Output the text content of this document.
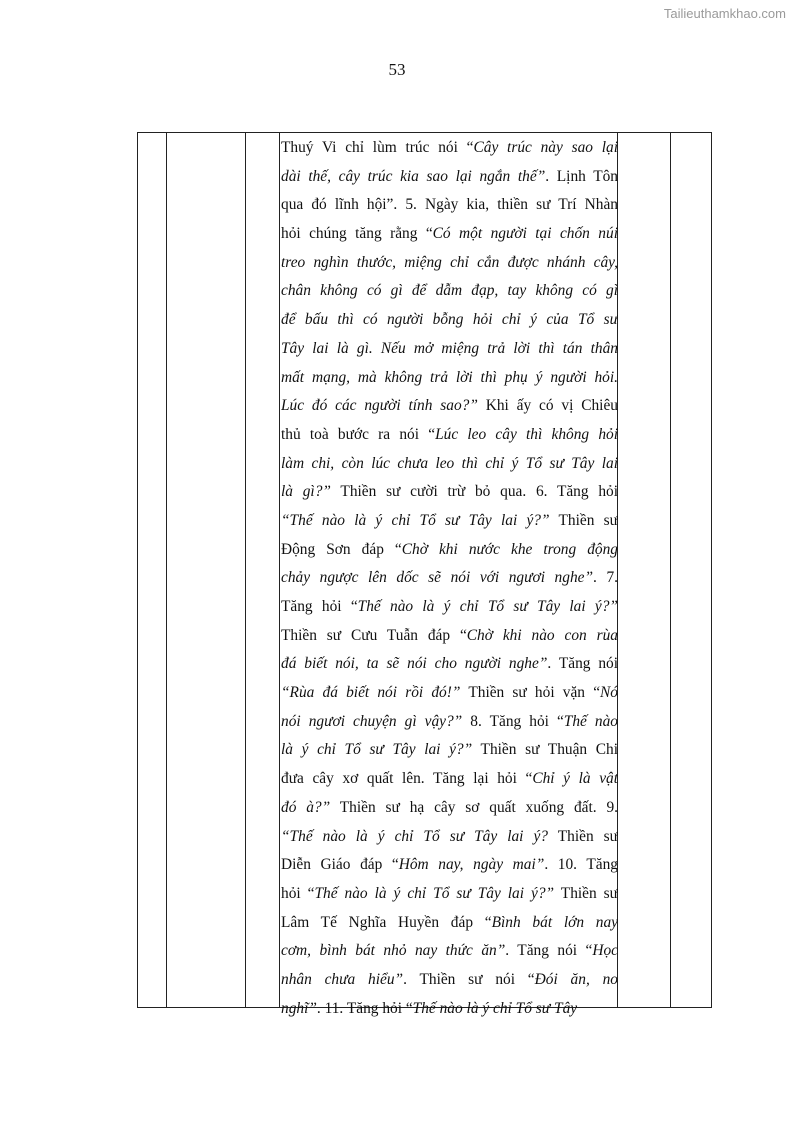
Tailieuthamkhao.com
53
Thuý Vi chỉ lùm trúc nói “Cây trúc này sao lại
dài thế, cây trúc kia sao lại ngắn thế”. Lịnh Tôn
qua đó lĩnh hội”. 5. Ngày kia, thiền sư Trí Nhàn
hỏi chúng tăng rằng “Có một người tại chốn núi
treo nghìn thước, miệng chỉ cắn được nhánh cây,
chân không có gì để dẫm đạp, tay không có gì
để bấu thì có người bỗng hỏi chỉ ý của Tổ sư
Tây lai là gì. Nếu mở miệng trả lời thì tán thân
mất mạng, mà không trả lời thì phụ ý người hỏi.
Lúc đó các người tính sao?” Khi ấy có vị Chiêu
thủ toà bước ra nói “Lúc leo cây thì không hỏi
làm chi, còn lúc chưa leo thì chỉ ý Tổ sư Tây lai
là gì?” Thiền sư cười trừ bỏ qua. 6. Tăng hỏi
“Thế nào là ý chỉ Tổ sư Tây lai ý?” Thiền sư
Động Sơn đáp “Chờ khi nước khe trong động
chảy ngược lên dốc sẽ nói với ngươi nghe”. 7.
Tăng hỏi “Thế nào là ý chỉ Tổ sư Tây lai ý?”
Thiền sư Cưu Tuẫn đáp “Chờ khi nào con rùa
đá biết nói, ta sẽ nói cho người nghe”. Tăng nói
“Rùa đá biết nói rồi đó!” Thiền sư hỏi vặn “Nó
nói ngươi chuyện gì vậy?” 8. Tăng hỏi “Thế nào
là ý chỉ Tổ sư Tây lai ý?” Thiền sư Thuận Chi
đưa cây xơ quất lên. Tăng lại hỏi “Chỉ ý là vật
đó à?” Thiền sư hạ cây sơ quất xuống đất. 9.
“Thế nào là ý chỉ Tổ sư Tây lai ý? Thiền sư
Diễn Giáo đáp “Hôm nay, ngày mai”. 10. Tăng
hỏi “Thế nào là ý chỉ Tổ sư Tây lai ý?” Thiền sư
Lâm Tế Nghĩa Huyền đáp “Bình bát lớn nay
cơm, bình bát nhỏ nay thức ăn”. Tăng nói “Học
nhân chưa hiểu”. Thiền sư nói “Đói ăn, no
nghĩ”. 11. Tăng hỏi “Thế nào là ý chỉ Tổ sư Tây
